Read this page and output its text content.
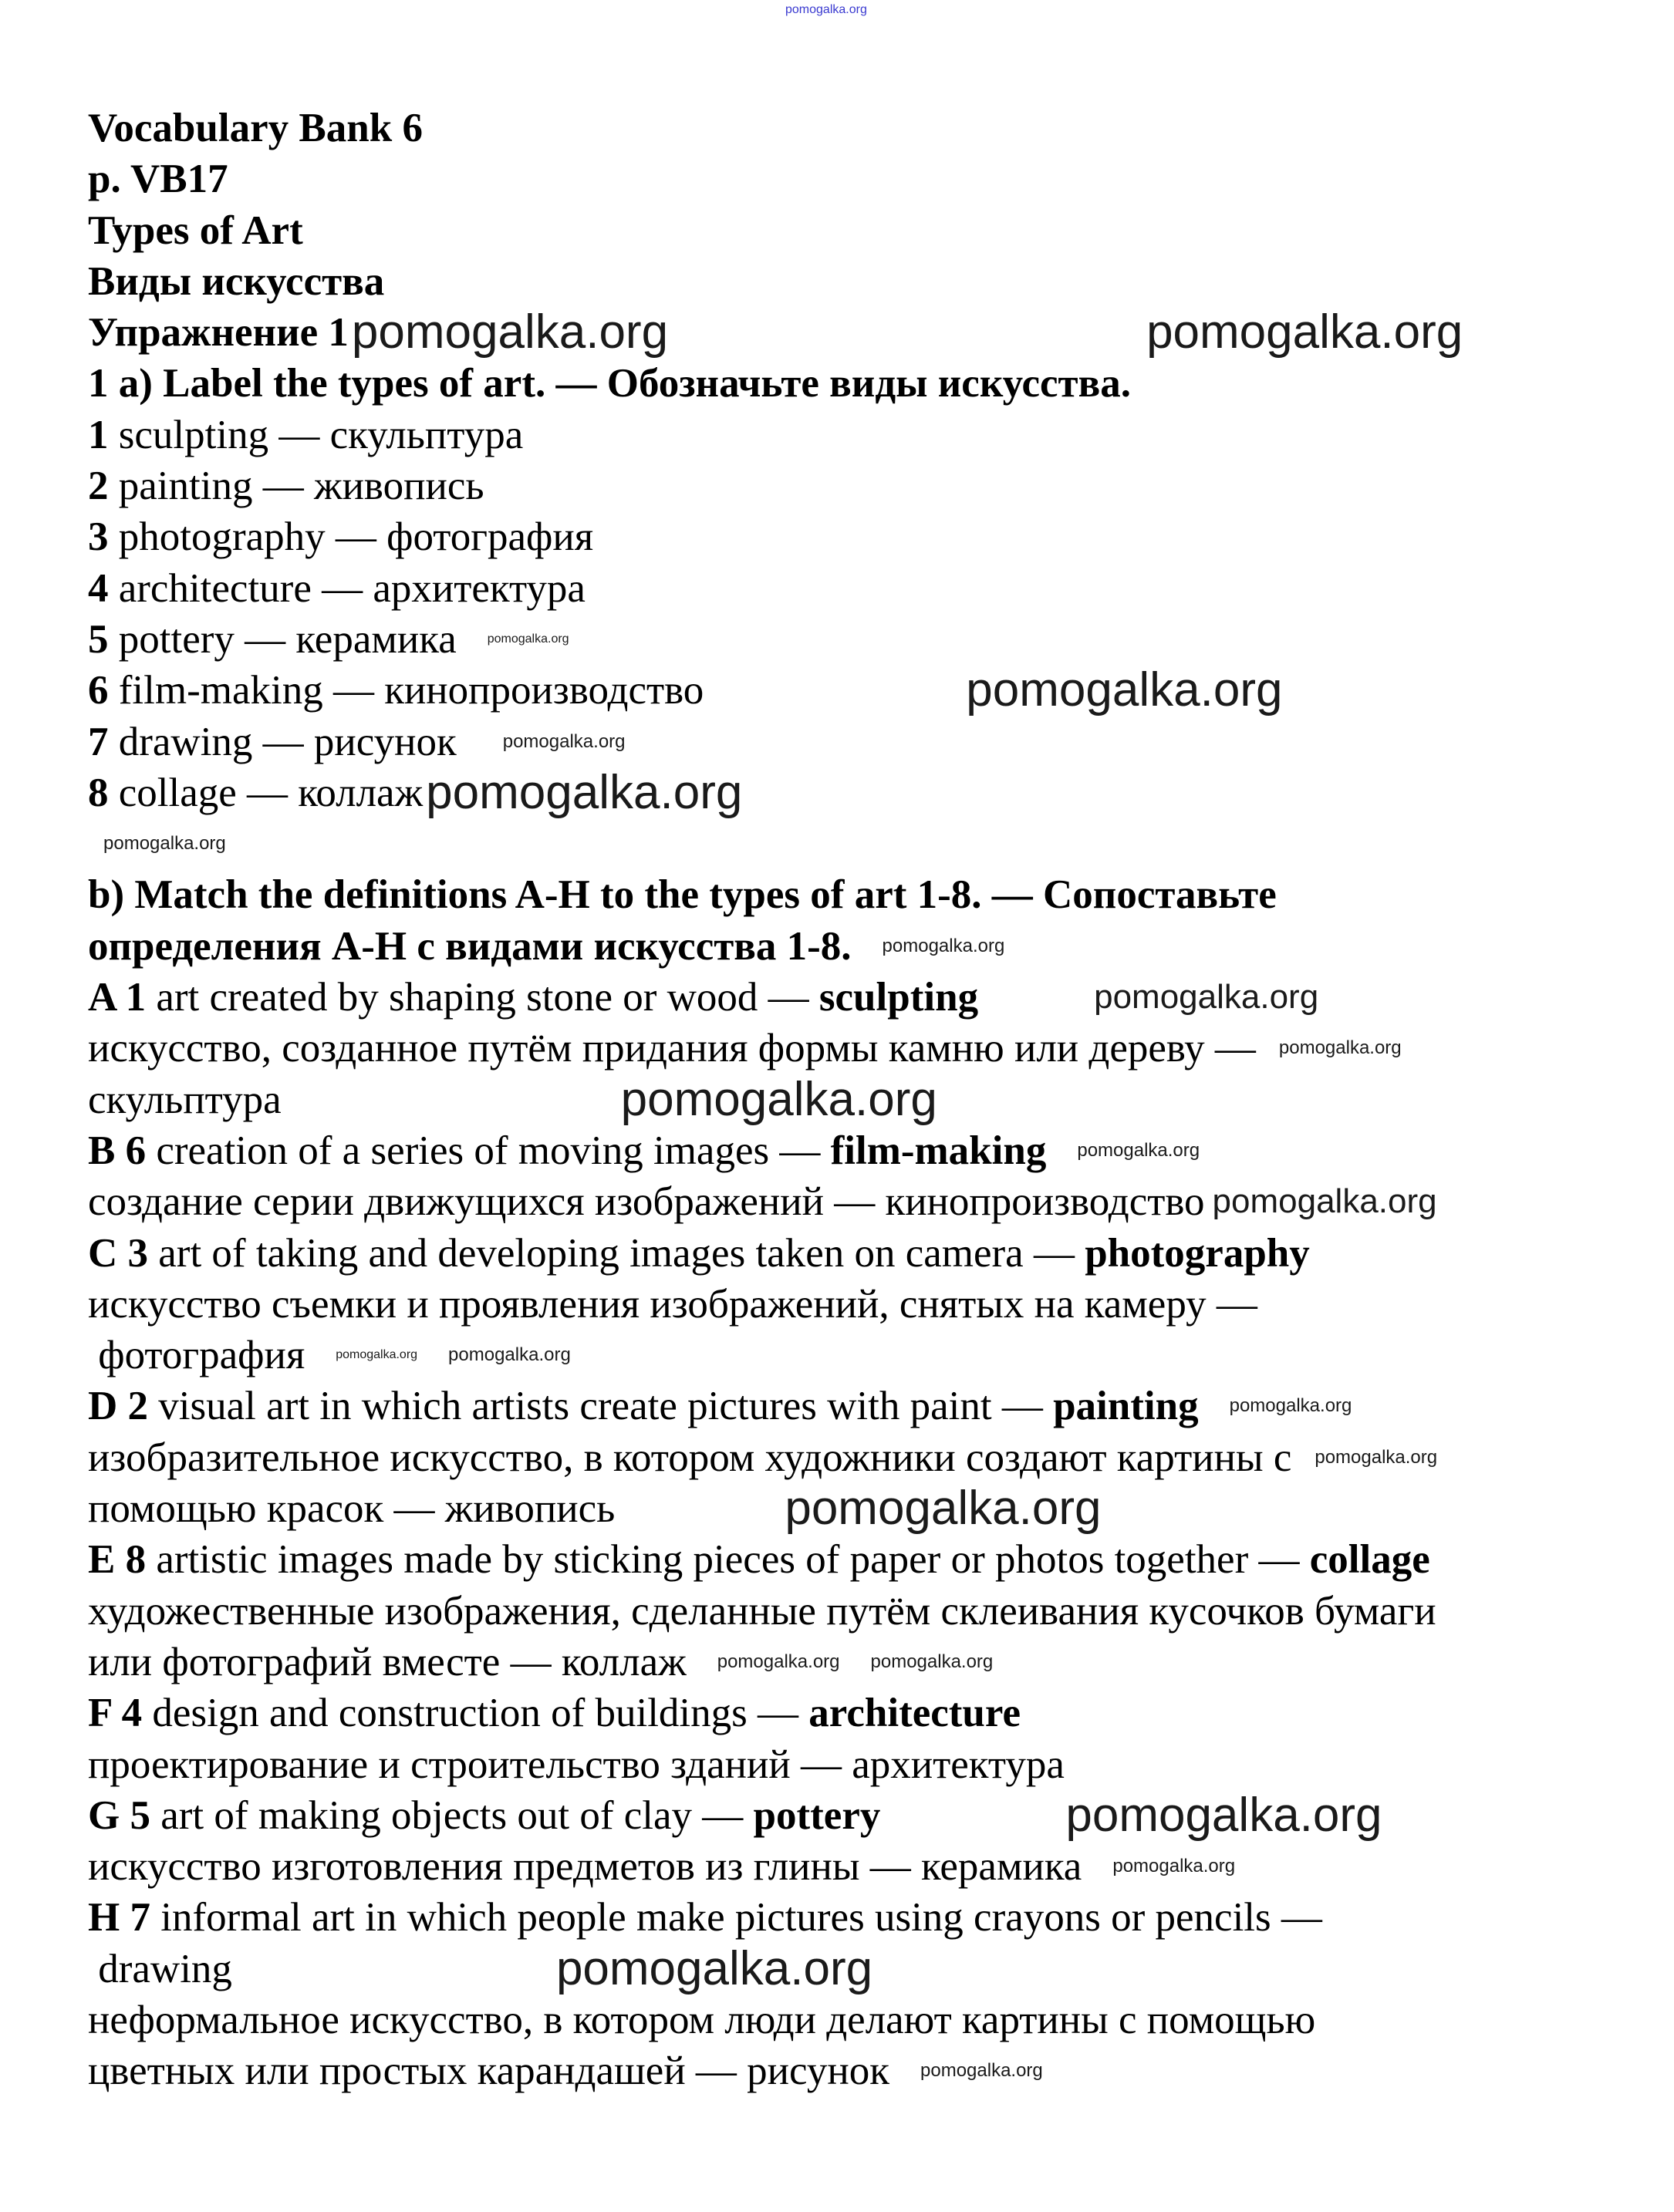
pomogalka.org
Vocabulary Bank 6
p. VB17
Types of Art
Виды искусства
Упражнение 1pomogalka.org	pomogalka.org
1 a) Label the types of art. — Обозначьте виды искусства.
1 sculpting — скульптура
2 painting — живопись
3 photography — фотография
4 architecture — архитектура
5 pottery — керамика	pomogalka.org
6 film-making — кинопроизводство	pomogalka.org
7 drawing — рисунок	pomogalka.org
8 collage — коллажpomogalka.org
pomogalka.org
b) Match the definitions A-H to the types of art 1-8. — Сопоставьте
определения A-H с видами искусства 1-8. pomogalka.org
A 1 art created by shaping stone or wood — sculpting	pomogalka.org
искусство, созданное путём придания формы камню или дереву — pomogalka.org
скульптура	pomogalka.org
B 6 creation of a series of moving images — film-making pomogalka.org
создание серии движущихся изображений — кинопроизводство pomogalka.org
C 3 art of taking and developing images taken on camera — photography
искусство съемки и проявления изображений, снятых на камеру —
фотография	pomogalka.org pomogalka.org
D 2 visual art in which artists create pictures with paint — painting pomogalka.org
изобразительное искусство, в котором художники создают картины с pomogalka.org
помощью красок — живопись	pomogalka.org
E 8 artistic images made by sticking pieces of paper or photos together — collage
художественные изображения, сделанные путём склеивания кусочков бумаги
или фотографий вместе — коллаж pomogalka.org pomogalka.org
F 4 design and construction of buildings — architecture
проектирование и строительство зданий — архитектура
G 5 art of making objects out of clay — pottery	pomogalka.org
искусство изготовления предметов из глины — керамика pomogalka.org
H 7 informal art in which people make pictures using crayons or pencils —
drawing	pomogalka.org
неформальное искусство, в котором люди делают картины с помощью
цветных или простых карандашей — рисунок pomogalka.org
